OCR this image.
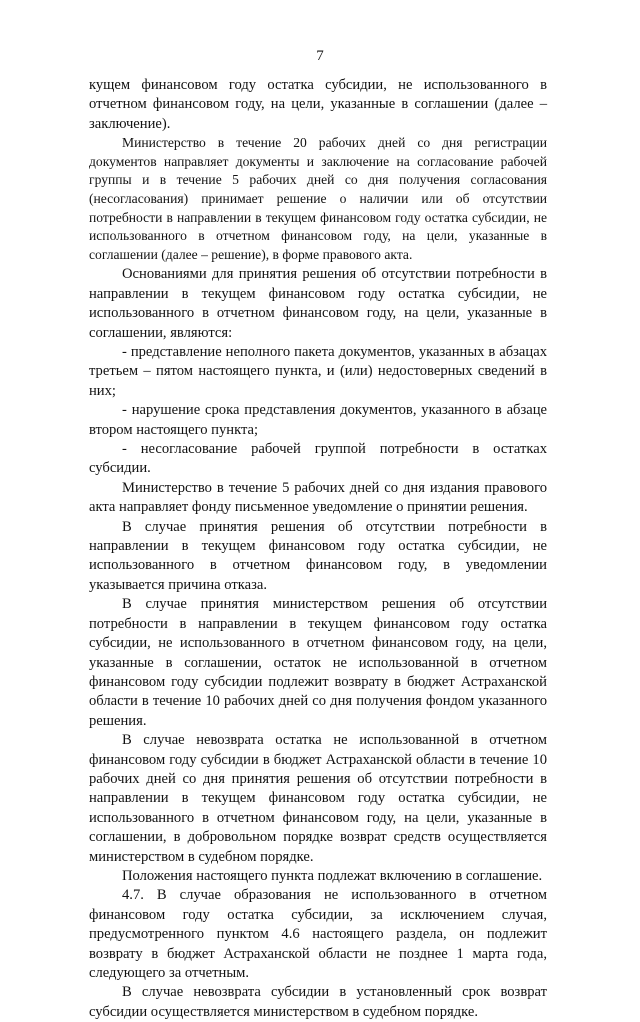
7

кущем финансовом году остатка субсидии, не использованного в отчетном финансовом году, на цели, указанные в соглашении (далее – заключение).

Министерство в течение 20 рабочих дней со дня регистрации документов направляет документы и заключение на согласование рабочей группы и в течение 5 рабочих дней со дня получения согласования (несогласования) принимает решение о наличии или об отсутствии потребности в направлении в текущем финансовом году остатка субсидии, не использованного в отчетном финансовом году, на цели, указанные в соглашении (далее – решение), в форме правового акта.

Основаниями для принятия решения об отсутствии потребности в направлении в текущем финансовом году остатка субсидии, не использованного в отчетном финансовом году, на цели, указанные в соглашении, являются:

- представление неполного пакета документов, указанных в абзацах третьем – пятом настоящего пункта, и (или) недостоверных сведений в них;

- нарушение срока представления документов, указанного в абзаце втором настоящего пункта;

- несогласование рабочей группой потребности в остатках субсидии.

Министерство в течение 5 рабочих дней со дня издания правового акта направляет фонду письменное уведомление о принятии решения.

В случае принятия решения об отсутствии потребности в направлении в текущем финансовом году остатка субсидии, не использованного в отчетном финансовом году, в уведомлении указывается причина отказа.

В случае принятия министерством решения об отсутствии потребности в направлении в текущем финансовом году остатка субсидии, не использованного в отчетном финансовом году, на цели, указанные в соглашении, остаток не использованной в отчетном финансовом году субсидии подлежит возврату в бюджет Астраханской области в течение 10 рабочих дней со дня получения фондом указанного решения.

В случае невозврата остатка не использованной в отчетном финансовом году субсидии в бюджет Астраханской области в течение 10 рабочих дней со дня принятия решения об отсутствии потребности в направлении в текущем финансовом году остатка субсидии, не использованного в отчетном финансовом году, на цели, указанные в соглашении, в добровольном порядке возврат средств осуществляется министерством в судебном порядке.

Положения настоящего пункта подлежат включению в соглашение.

4.7. В случае образования не использованного в отчетном финансовом году остатка субсидии, за исключением случая, предусмотренного пунктом 4.6 настоящего раздела, он подлежит возврату в бюджет Астраханской области не позднее 1 марта года, следующего за отчетным.

В случае невозврата субсидии в установленный срок возврат субсидии осуществляется министерством в судебном порядке.
